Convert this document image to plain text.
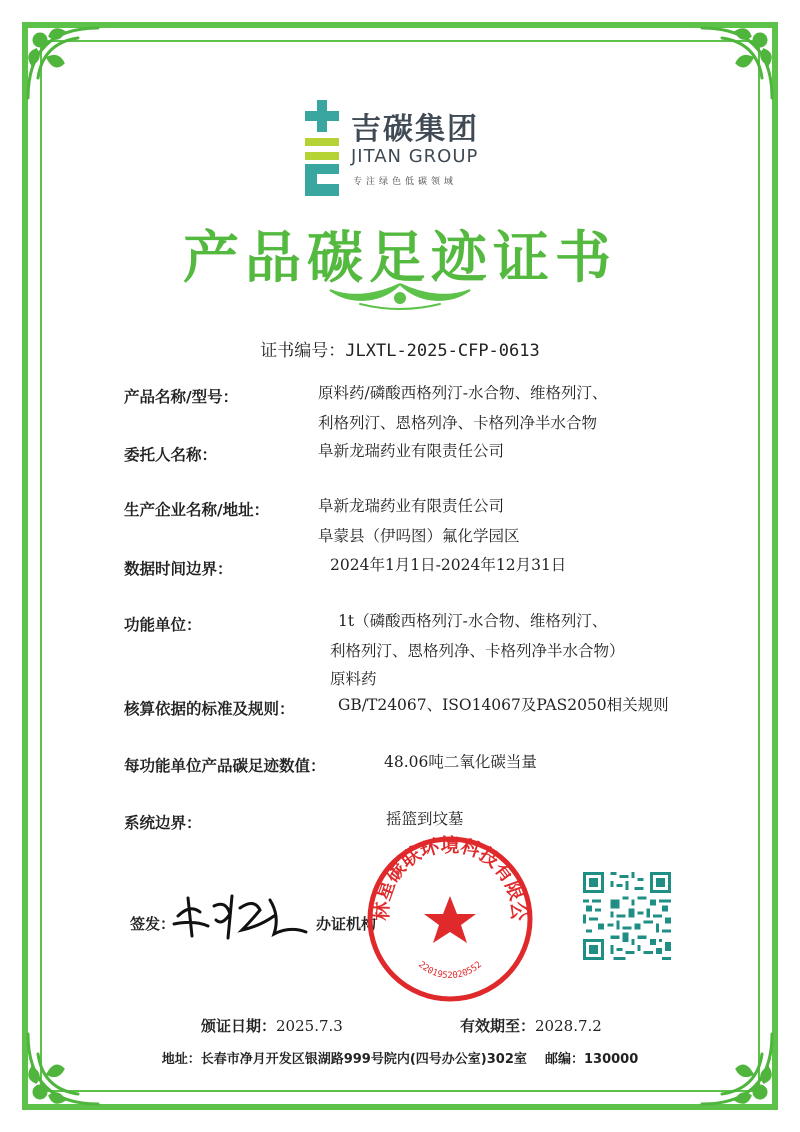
吉碳集团
JITAN GROUP
专注绿色低碳领域
产品碳足迹证书
证书编号：JLXTL-2025-CFP-0613
产品名称/型号：	原料药/磷酸西格列汀-水合物、维格列汀、
利格列汀、恩格列净、卡格列净半水合物
委托人名称：	阜新龙瑞药业有限责任公司
生产企业名称/地址：	阜新龙瑞药业有限责任公司
阜蒙县（伊吗图）氟化学园区
数据时间边界：	2024年1月1日-2024年12月31日
功能单位：	1t（磷酸西格列汀-水合物、维格列汀、
利格列汀、恩格列净、卡格列净半水合物）
原料药
核算依据的标准及规则：	GB/T24067、ISO14067及PAS2050相关规则
每功能单位产品碳足迹数值：	48.06吨二氧化碳当量
系统边界：	摇篮到坟墓
签发：	办证机构
林星碳联环境科技有限公
2201952020552
颁证日期：2025.7.3	有效期至：2028.7.2
地址：长春市净月开发区银湖路999号院内(四号办公室)302室 邮编：130000
